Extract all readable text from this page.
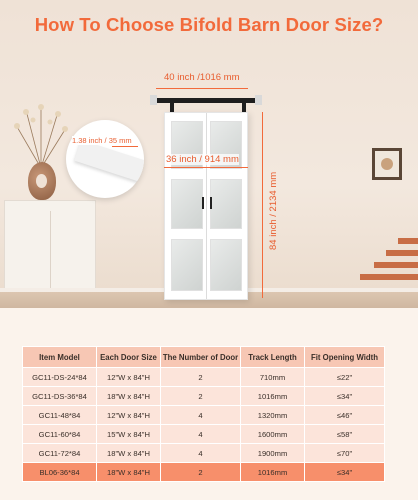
How To Choose Bifold Barn Door Size?
1.38 inch / 35 mm
40 inch /1016 mm
36 inch / 914 mm
84 inch / 2134 mm
Item Model	Each Door Size	The Number of Door	Track Length	Fit Opening Width
GC11-DS-24*84	12"W x 84"H	2	710mm	≤22"
GC11-DS-36*84	18"W x 84"H	2	1016mm	≤34"
GC11-48*84	12"W x 84"H	4	1320mm	≤46"
GC11-60*84	15"W x 84"H	4	1600mm	≤58"
GC11-72*84	18"W x 84"H	4	1900mm	≤70"
BL06-36*84	18"W x 84"H	2	1016mm	≤34"
